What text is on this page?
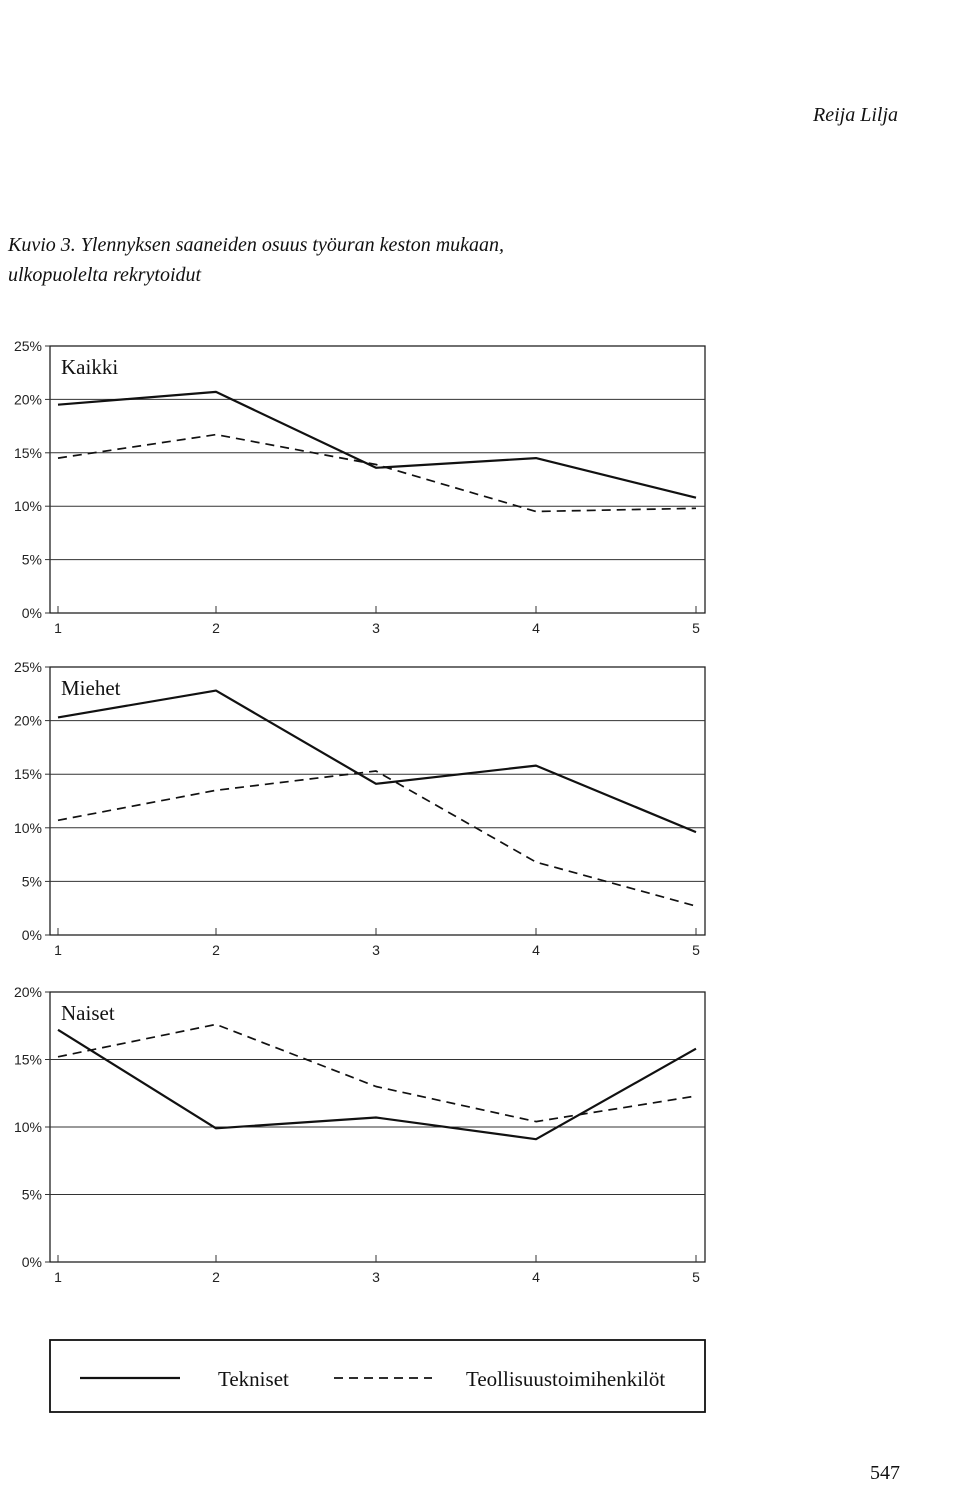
Reija Lilja
Kuvio 3. Ylennyksen saaneiden osuus työuran keston mukaan,
ulkopuolelta rekrytoidut
0%
5%
10%
15%
20%
25%
1	2	3	4	5
Kaikki
0%
5%
10%
15%
20%
25%
1	2	3	4	5
Miehet
0%
5%
10%
15%
20%
1	2	3	4	5
Naiset
Tekniset	Teollisuustoimihenkilöt
547
